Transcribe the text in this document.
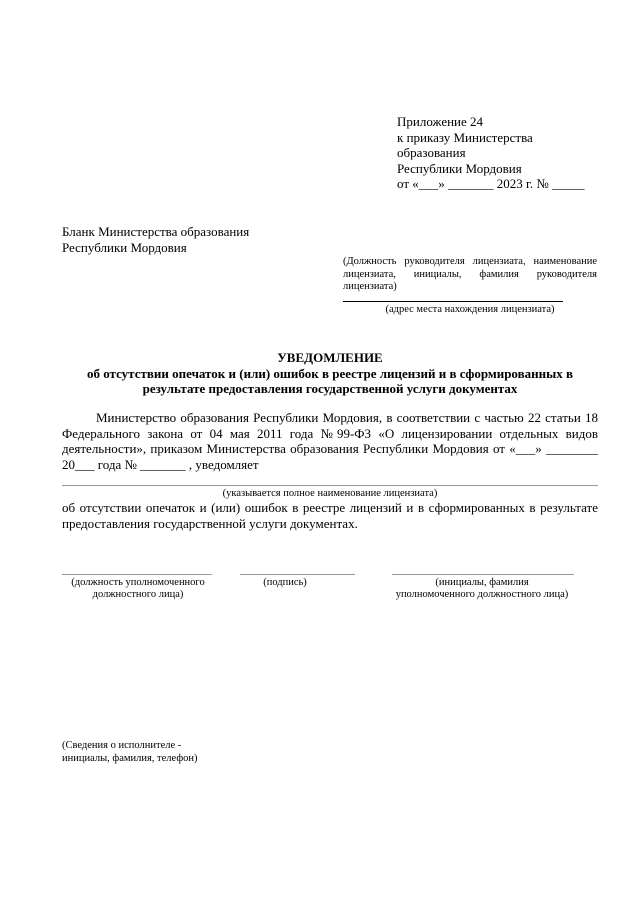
Приложение 24
к приказу Министерства
образования
Республики Мордовия
от «___» _______ 2023 г. № _____
Бланк Министерства образования
Республики Мордовия
(Должность руководителя лицензиата, наименование лицензиата, инициалы, фамилия руководителя лицензиата)
(адрес места нахождения лицензиата)
УВЕДОМЛЕНИЕ
об отсутствии опечаток и (или) ошибок в реестре лицензий и в сформированных в
результате предоставления государственной услуги документах
Министерство образования Республики Мордовия, в соответствии с частью 22 статьи 18 Федерального закона от 04 мая 2011 года №99-ФЗ «О лицензировании отдельных видов деятельности», приказом Министерства образования Республики Мордовия от «___» ________ 20___ года № _______ , уведомляет
(указывается полное наименование лицензиата)
об отсутствии опечаток и (или) ошибок в реестре лицензий и в сформированных в результате предоставления государственной услуги документах.
(должность уполномоченного
должностного лица)
(подпись)	(инициалы, фамилия
уполномоченного должностного лица)
(Сведения о исполнителе -
инициалы, фамилия, телефон)
